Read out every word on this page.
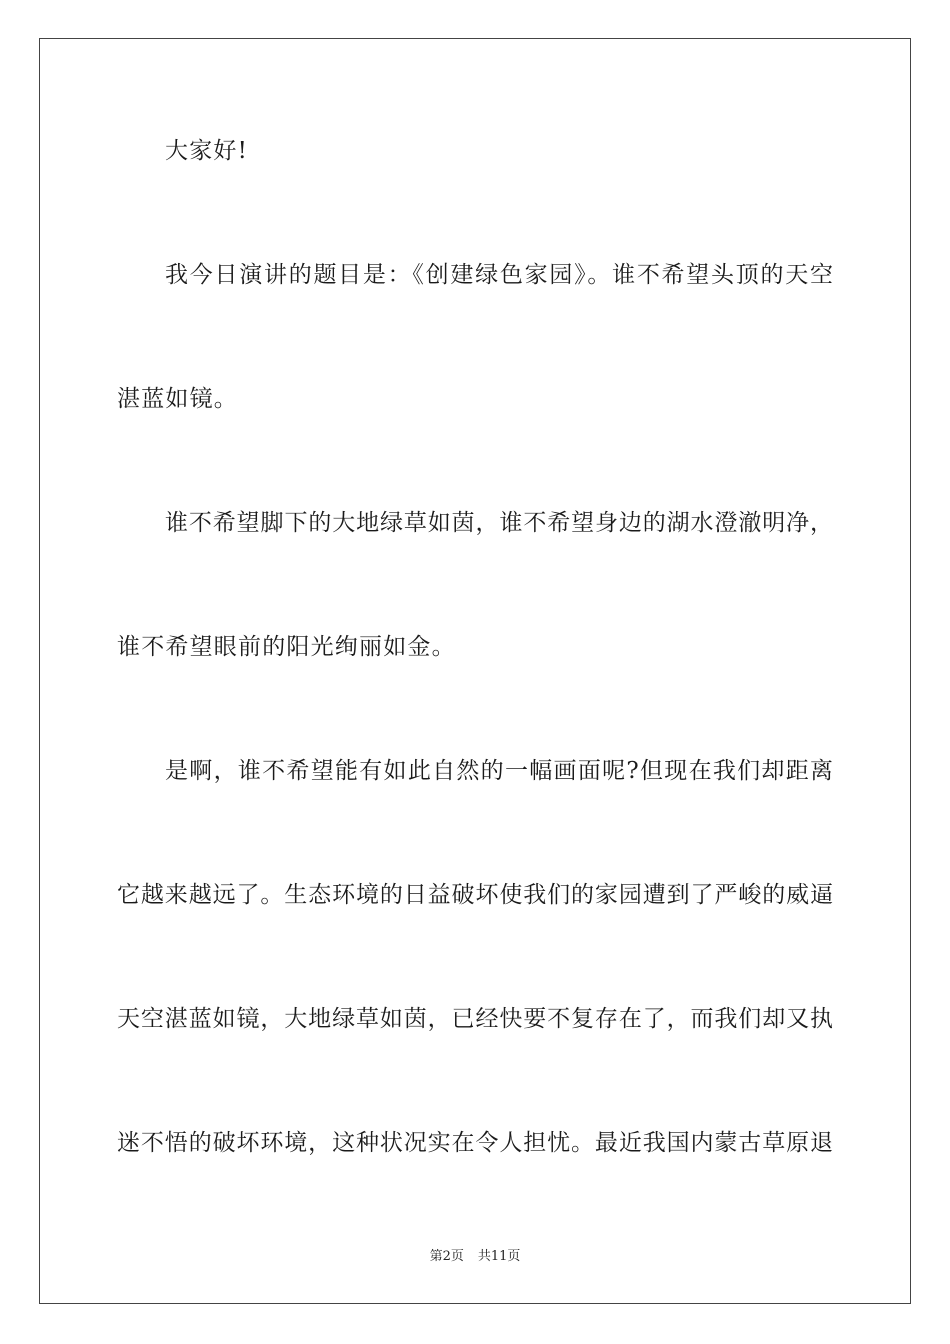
大家好!
我今日演讲的题目是：《创建绿色家园》。谁不希望头顶的天空
湛蓝如镜。
谁不希望脚下的大地绿草如茵，谁不希望身边的湖水澄澈明净，
谁不希望眼前的阳光绚丽如金。
是啊，谁不希望能有如此自然的一幅画面呢?但现在我们却距离
它越来越远了。生态环境的日益破坏使我们的家园遭到了严峻的威逼
天空湛蓝如镜，大地绿草如茵，已经快要不复存在了，而我们却又执
迷不悟的破坏环境，这种状况实在令人担忧。最近我国内蒙古草原退
第2页 共11页
